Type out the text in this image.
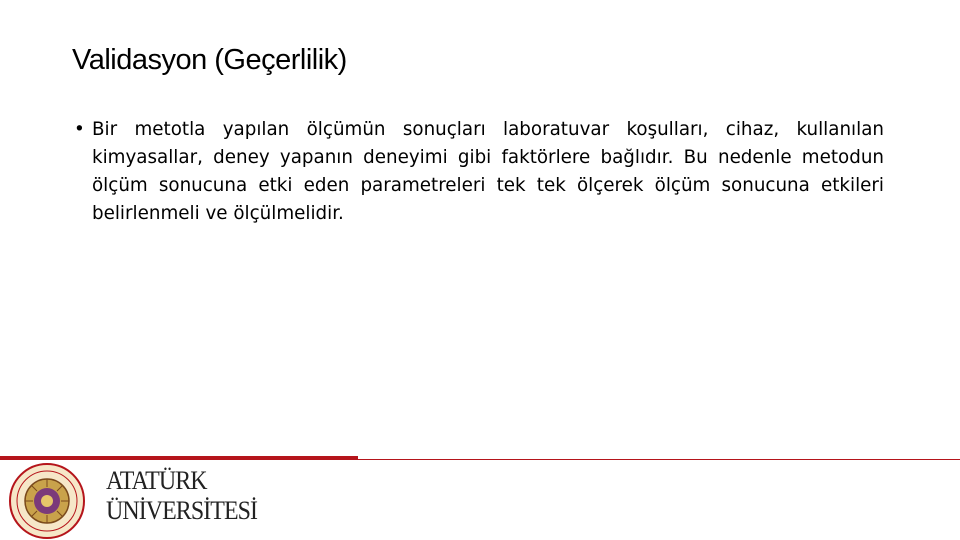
Validasyon (Geçerlilik)
• Bir metotla yapılan ölçümün sonuçları laboratuvar koşulları, cihaz, kullanılan kimyasallar, deney yapanın deneyimi gibi faktörlere bağlıdır. Bu nedenle metodun ölçüm sonucuna etki eden parametreleri tek tek ölçerek ölçüm sonucuna etkileri belirlenmeli ve ölçülmelidir.
ATATÜRK
ÜNİVERSİTESİ
